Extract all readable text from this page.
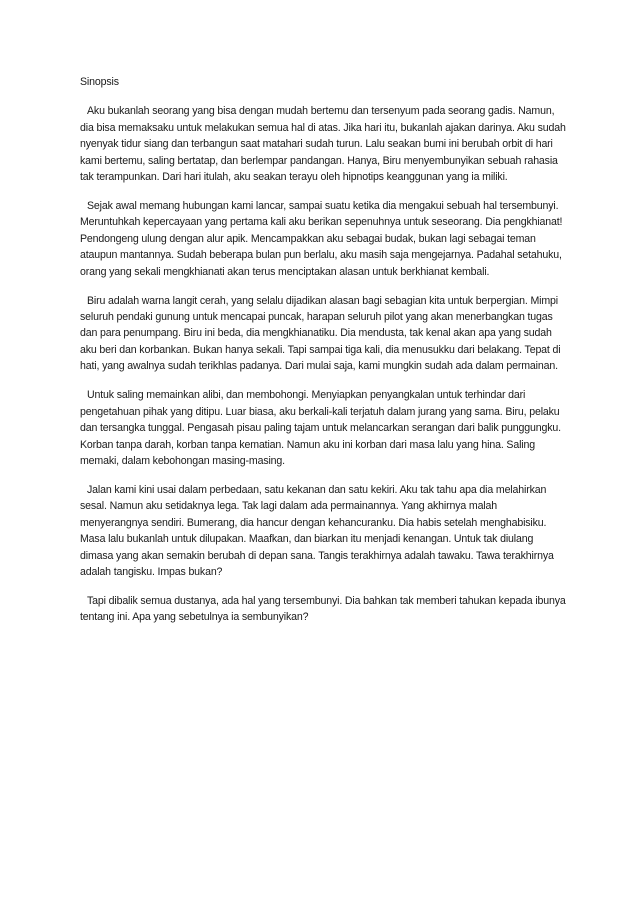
Sinopsis

Aku bukanlah seorang yang bisa dengan mudah bertemu dan tersenyum pada seorang gadis. Namun, dia bisa memaksaku untuk melakukan semua hal di atas. Jika hari itu, bukanlah ajakan darinya. Aku sudah nyenyak tidur siang dan terbangun saat matahari sudah turun. Lalu seakan bumi ini berubah orbit di hari kami bertemu, saling bertatap, dan berlempar pandangan. Hanya, Biru menyembunyikan sebuah rahasia tak terampunkan. Dari hari itulah, aku seakan terayu oleh hipnotips keanggunan yang ia miliki.

Sejak awal memang hubungan kami lancar, sampai suatu ketika dia mengakui sebuah hal tersembunyi. Meruntuhkah kepercayaan yang pertama kali aku berikan sepenuhnya untuk seseorang. Dia pengkhianat! Pendongeng ulung dengan alur apik. Mencampakkan aku sebagai budak, bukan lagi sebagai teman ataupun mantannya. Sudah beberapa bulan pun berlalu, aku masih saja mengejarnya. Padahal setahuku, orang yang sekali mengkhianati akan terus menciptakan alasan untuk berkhianat kembali.

Biru adalah warna langit cerah, yang selalu dijadikan alasan bagi sebagian kita untuk berpergian. Mimpi seluruh pendaki gunung untuk mencapai puncak, harapan seluruh pilot yang akan menerbangkan tugas dan para penumpang. Biru ini beda, dia mengkhianatiku. Dia mendusta, tak kenal akan apa yang sudah aku beri dan korbankan. Bukan hanya sekali. Tapi sampai tiga kali, dia menusukku dari belakang. Tepat di hati, yang awalnya sudah terikhlas padanya. Dari mulai saja, kami mungkin sudah ada dalam permainan.

Untuk saling memainkan alibi, dan membohongi. Menyiapkan penyangkalan untuk terhindar dari pengetahuan pihak yang ditipu. Luar biasa, aku berkali-kali terjatuh dalam jurang yang sama. Biru, pelaku dan tersangka tunggal. Pengasah pisau paling tajam untuk melancarkan serangan dari balik punggungku. Korban tanpa darah, korban tanpa kematian. Namun aku ini korban dari masa lalu yang hina. Saling memaki, dalam kebohongan masing-masing.

Jalan kami kini usai dalam perbedaan, satu kekanan dan satu kekiri. Aku tak tahu apa dia melahirkan sesal. Namun aku setidaknya lega. Tak lagi dalam ada permainannya. Yang akhirnya malah menyerangnya sendiri. Bumerang, dia hancur dengan kehancuranku. Dia habis setelah menghabisiku. Masa lalu bukanlah untuk dilupakan. Maafkan, dan biarkan itu menjadi kenangan. Untuk tak diulang dimasa yang akan semakin berubah di depan sana. Tangis terakhirnya adalah tawaku. Tawa terakhirnya adalah tangisku. Impas bukan?

Tapi dibalik semua dustanya, ada hal yang tersembunyi. Dia bahkan tak memberi tahukan kepada ibunya tentang ini. Apa yang sebetulnya ia sembunyikan?
